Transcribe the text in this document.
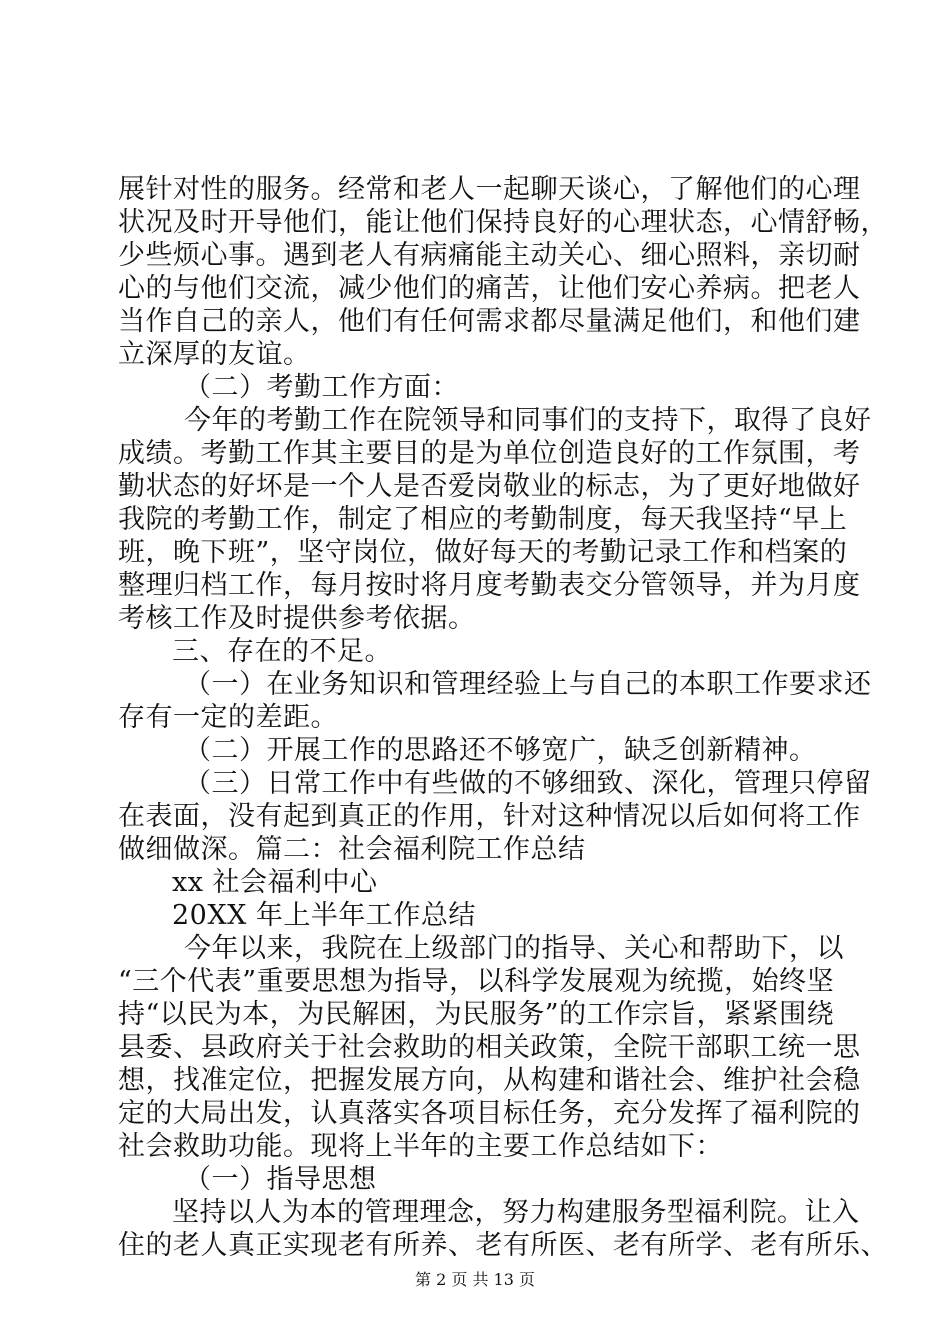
展针对性的服务。经常和老人一起聊天谈心，了解他们的心理
状况及时开导他们，能让他们保持良好的心理状态，心情舒畅，
少些烦心事。遇到老人有病痛能主动关心、细心照料，亲切耐
心的与他们交流，减少他们的痛苦，让他们安心养病。把老人
当作自己的亲人，他们有任何需求都尽量满足他们，和他们建
立深厚的友谊。
（二）考勤工作方面：
今年的考勤工作在院领导和同事们的支持下，取得了良好
成绩。考勤工作其主要目的是为单位创造良好的工作氛围，考
勤状态的好坏是一个人是否爱岗敬业的标志，为了更好地做好
我院的考勤工作，制定了相应的考勤制度，每天我坚持“早上
班，晚下班”，坚守岗位，做好每天的考勤记录工作和档案的
整理归档工作，每月按时将月度考勤表交分管领导，并为月度
考核工作及时提供参考依据。
三、存在的不足。
（一）在业务知识和管理经验上与自己的本职工作要求还
存有一定的差距。
（二）开展工作的思路还不够宽广，缺乏创新精神。
（三）日常工作中有些做的不够细致、深化，管理只停留
在表面，没有起到真正的作用，针对这种情况以后如何将工作
做细做深。篇二：社会福利院工作总结
xx 社会福利中心
20XX 年上半年工作总结
今年以来，我院在上级部门的指导、关心和帮助下，以
“三个代表”重要思想为指导，以科学发展观为统揽，始终坚
持“以民为本，为民解困，为民服务”的工作宗旨，紧紧围绕
县委、县政府关于社会救助的相关政策，全院干部职工统一思
想，找准定位，把握发展方向，从构建和谐社会、维护社会稳
定的大局出发，认真落实各项目标任务，充分发挥了福利院的
社会救助功能。现将上半年的主要工作总结如下：
（一）指导思想
坚持以人为本的管理理念，努力构建服务型福利院。让入
住的老人真正实现老有所养、老有所医、老有所学、老有所乐、
第 2 页 共 13 页
